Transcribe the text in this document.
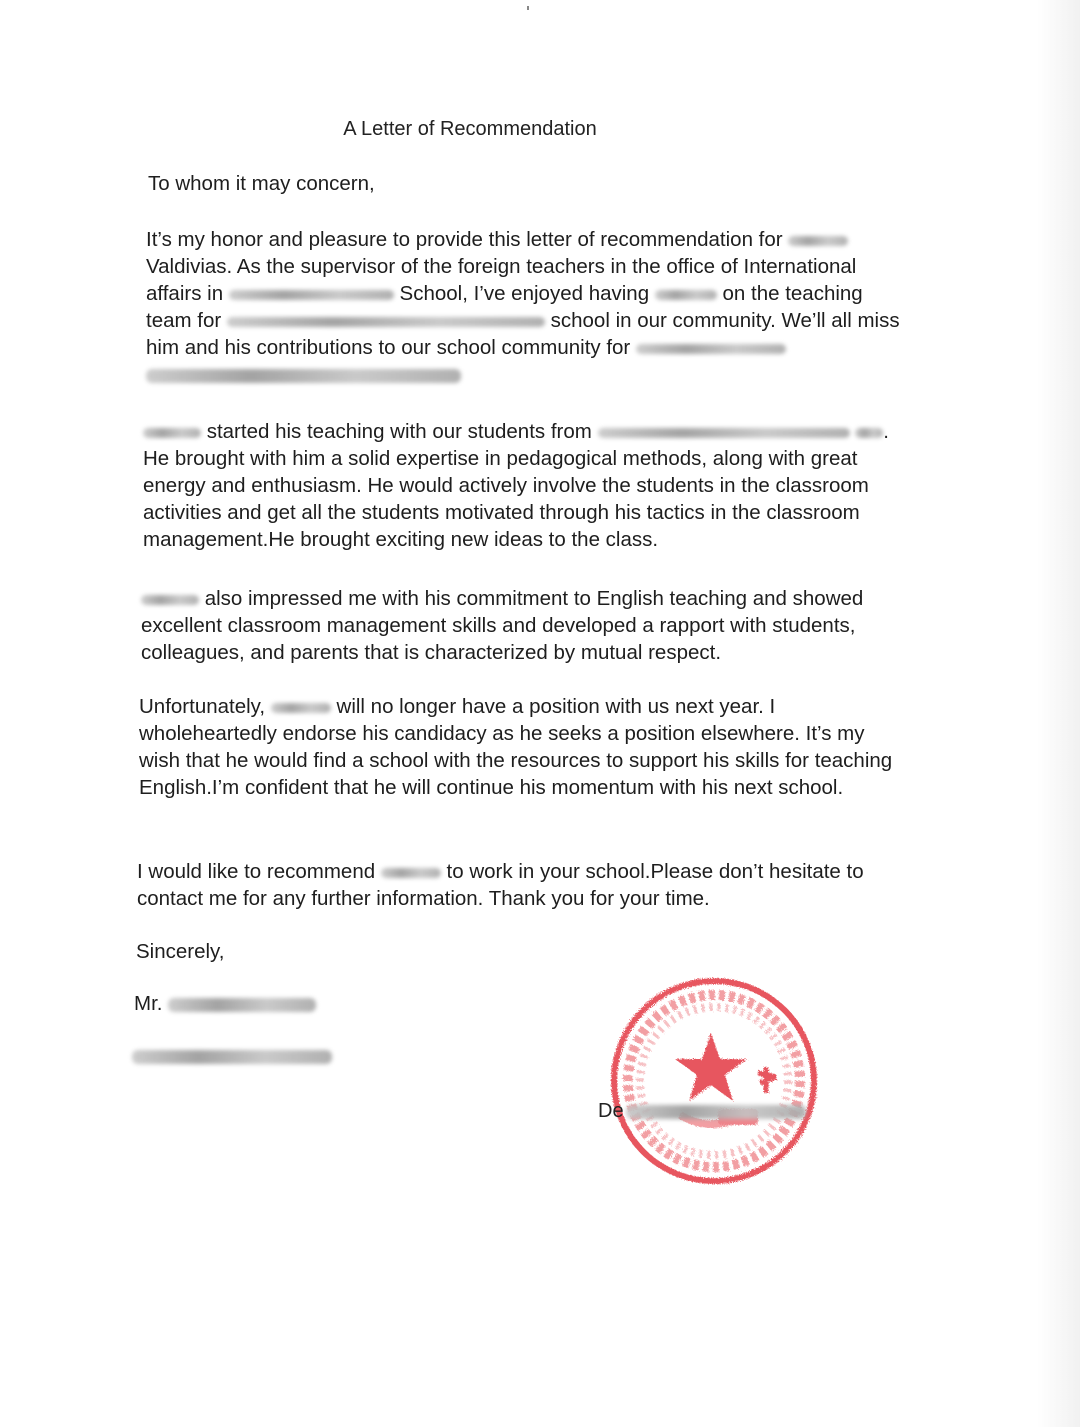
A Letter of Recommendation
To whom it may concern,
It’s my honor and pleasure to provide this letter of recommendation for  Valdivias. As the supervisor of the foreign teachers in the office of International affairs in	School, I’ve enjoyed having	on the teaching team for	school in our community. We’ll all miss him and his contributions to our school community for
started his teaching with our students from	. He brought with him a solid expertise in pedagogical methods, along with great energy and enthusiasm. He would actively involve the students in the classroom activities and get all the students motivated through his tactics in the classroom management.He brought exciting new ideas to the class.
also impressed me with his commitment to English teaching and showed excellent classroom management skills and developed a rapport with students, colleagues, and parents that is characterized by mutual respect.
Unfortunately,	will no longer have a position with us next year. I wholeheartedly endorse his candidacy as he seeks a position elsewhere. It’s my wish that he would find a school with the resources to support his skills for teaching English.I’m confident that he will continue his momentum with his next school.
I would like to recommend	to work in your school.Please don’t hesitate to contact me for any further information. Thank you for your time.
Sincerely,
Mr.
De
